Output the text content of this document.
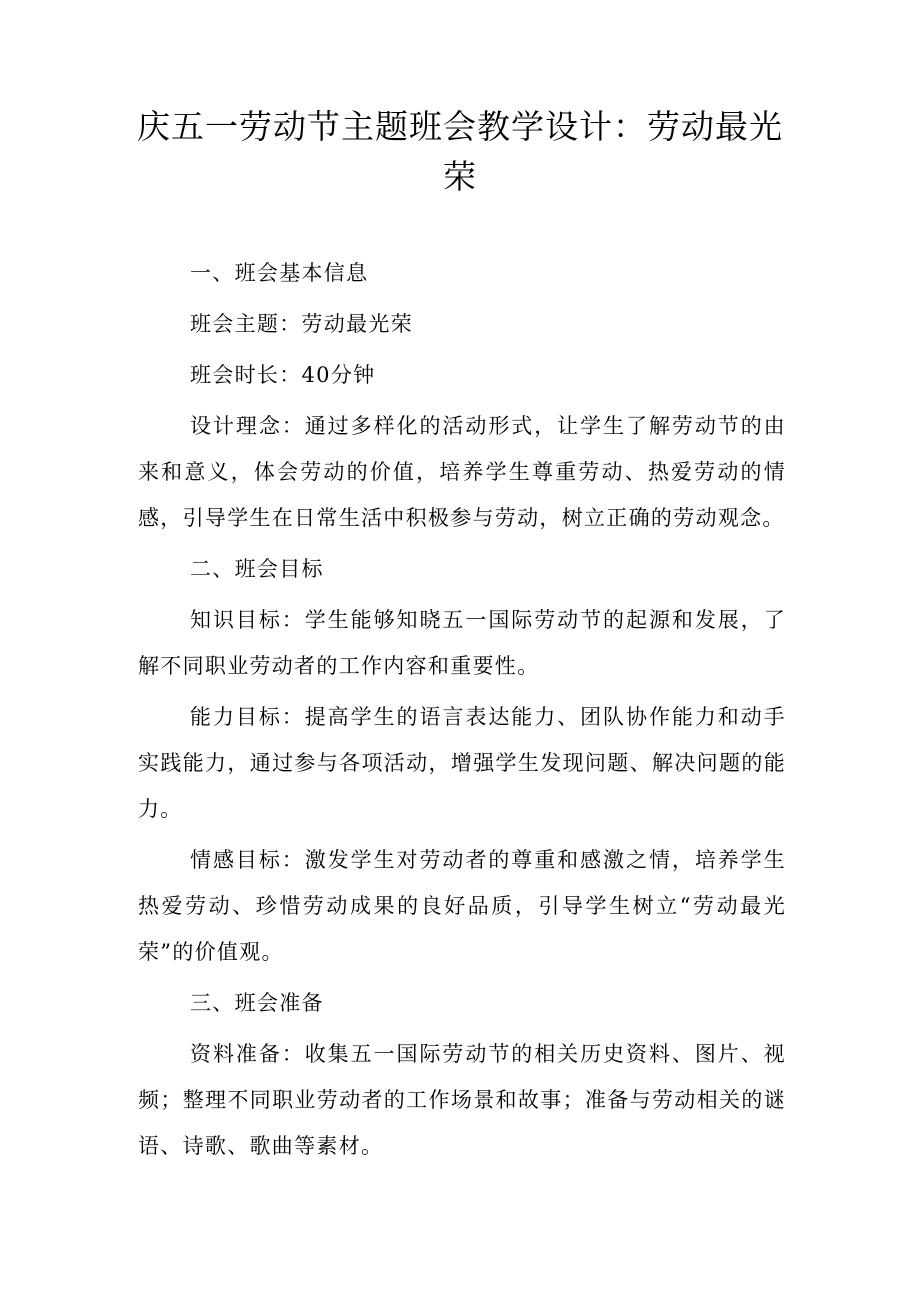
庆五一劳动节主题班会教学设计：劳动最光荣

一、班会基本信息

班会主题：劳动最光荣

班会时长：40分钟

设计理念：通过多样化的活动形式，让学生了解劳动节的由来和意义，体会劳动的价值，培养学生尊重劳动、热爱劳动的情感，引导学生在日常生活中积极参与劳动，树立正确的劳动观念。

二、班会目标

知识目标：学生能够知晓五一国际劳动节的起源和发展，了解不同职业劳动者的工作内容和重要性。

能力目标：提高学生的语言表达能力、团队协作能力和动手实践能力，通过参与各项活动，增强学生发现问题、解决问题的能力。

情感目标：激发学生对劳动者的尊重和感激之情，培养学生热爱劳动、珍惜劳动成果的良好品质，引导学生树立“劳动最光荣”的价值观。

三、班会准备

资料准备：收集五一国际劳动节的相关历史资料、图片、视频；整理不同职业劳动者的工作场景和故事；准备与劳动相关的谜语、诗歌、歌曲等素材。
